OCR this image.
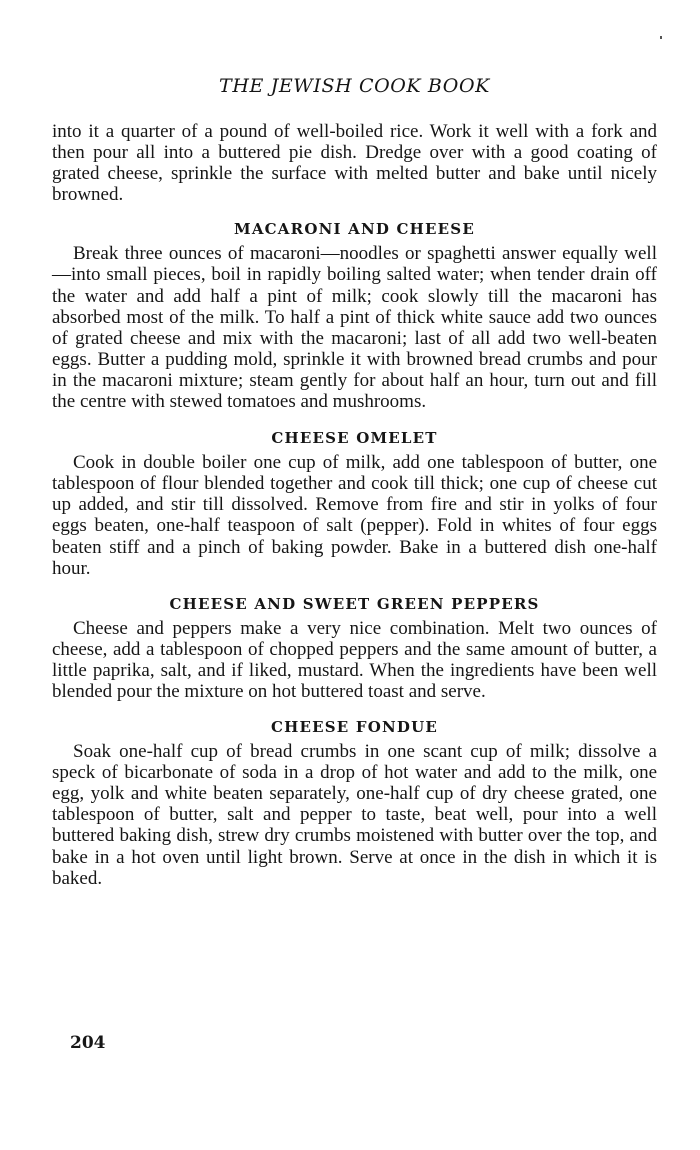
THE JEWISH COOK BOOK

into it a quarter of a pound of well-boiled rice. Work it well with a fork and then pour all into a buttered pie dish. Dredge over with a good coating of grated cheese, sprinkle the surface with melted butter and bake until nicely browned.

MACARONI AND CHEESE

Break three ounces of macaroni—noodles or spaghetti answer equally well—into small pieces, boil in rapidly boiling salted water; when tender drain off the water and add half a pint of milk; cook slowly till the macaroni has absorbed most of the milk. To half a pint of thick white sauce add two ounces of grated cheese and mix with the macaroni; last of all add two well-beaten eggs. Butter a pudding mold, sprinkle it with browned bread crumbs and pour in the macaroni mixture; steam gently for about half an hour, turn out and fill the centre with stewed tomatoes and mushrooms.

CHEESE OMELET

Cook in double boiler one cup of milk, add one tablespoon of butter, one tablespoon of flour blended together and cook till thick; one cup of cheese cut up added, and stir till dissolved. Remove from fire and stir in yolks of four eggs beaten, one-half teaspoon of salt (pepper). Fold in whites of four eggs beaten stiff and a pinch of baking powder. Bake in a buttered dish one-half hour.

CHEESE AND SWEET GREEN PEPPERS

Cheese and peppers make a very nice combination. Melt two ounces of cheese, add a tablespoon of chopped peppers and the same amount of butter, a little paprika, salt, and if liked, mustard. When the ingredients have been well blended pour the mixture on hot buttered toast and serve.

CHEESE FONDUE

Soak one-half cup of bread crumbs in one scant cup of milk; dissolve a speck of bicarbonate of soda in a drop of hot water and add to the milk, one egg, yolk and white beaten separately, one-half cup of dry cheese grated, one tablespoon of butter, salt and pepper to taste, beat well, pour into a well buttered baking dish, strew dry crumbs moistened with butter over the top, and bake in a hot oven until light brown. Serve at once in the dish in which it is baked.

204
